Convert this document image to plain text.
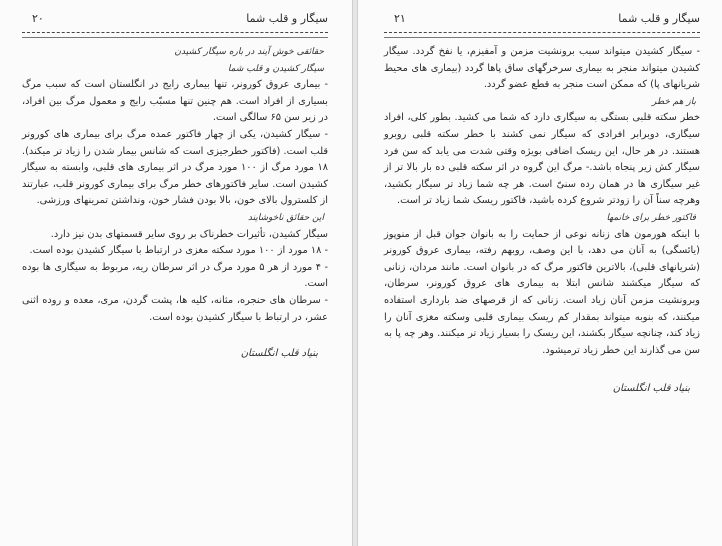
۲۰	سیگار و قلب شما

حقائقی خوش آیند در باره سیگار کشیدن

سیگار کشیدن و قلب شما

- بیماری عروق کورونر، تنها بیماری رایج در انگلستان است که سبب مرگ بسیاری از افراد است. هم چنین تنها مسبّب رایج و معمول مرگ بین افراد، در زیر سن ۶۵ سالگی است.

- سیگار کشیدن، یکی از چهار فاکتور عمده مرگ برای بیماری های کورونر قلب است. (فاکتور خطرجیزی است که شانس بیمار شدن را زیاد تر میکند). ۱۸ مورد مرگ از ۱۰۰ مورد مرگ در اثر بیماری های قلبی، وابسته به سیگار کشیدن است. سایر فاکتورهای خطر مرگ برای بیماری کورونر قلب، عبارتند از کلسترول بالای خون، بالا بودن فشار خون، ونداشتن تمرینهای ورزشی.

این حقائق ناخوشایند

سیگار کشیدن، تأثیرات خطرناک بر روی سایر قسمتهای بدن نیز دارد.

- ۱۸ مورد از ۱۰۰ مورد سکته مغزی در ارتباط با سیگار کشیدن بوده است.

- ۴ مورد از هر ۵ مورد مرگ در اثر سرطان ریه، مربوط به سیگاری ها بوده است.

- سرطان های حنجره، مثانه، کلیه ها، پشت گردن، مری، معده و روده اثنی عشر، در ارتباط با سیگار کشیدن بوده است.

بنیاد قلب انگلستان
۲۱	سیگار و قلب شما

- سیگار کشیدن میتواند سبب برونشیت مزمن و آمفیزم، یا نفخ گردد. سیگار کشیدن میتواند منجر به بیماری سرخرگهای ساق پاها گردد (بیماری های محیط شریانهای پا) که ممکن است منجر به قطع عضو گردد.

باز هم خطر

خطر سکته قلبی بستگی به سیگاری دارد که شما می کشید. بطور کلی، افراد سیگاری، دوبرابر افرادی که سیگار نمی کشند با خطر سکته قلبی روبرو هستند. در هر حال، این ریسک اضافی بویژه وقتی شدت می یابد که سن فرد سیگار کش زیر پنجاه باشد.- مرگ این گروه در اثر سکته قلبی ده بار بالا تر از غیر سیگاری ها در همان رده سنیّ است. هر چه شما زیاد تر سیگار بکشید، وهرچه سناً آن را زودتر شروع کرده باشید، فاکتور ریسک شما زیاد تر است.

فاکتور خطر برای خانمها

با اینکه هورمون های زنانه نوعی از حمایت را به بانوان جوان قبل از منوپوز (یائسگی) به آنان می دهد، با این وصف، روبهم رفته، بیماری عروق کورونر (شریانهای قلبی)، بالاترین فاکتور مرگ که در بانوان است. مانند مردان، زنانی که سیگار میکشند شانس ابتلا به بیماری های عروق کورونر، سرطان، وبرونشیت مزمن آنان زیاد است. زنانی که از قرصهای ضد بارداری استفاده میکنند، که بنوبه میتواند بمقدار کم ریسک بیماری قلبی وسکته مغزی آنان را زیاد کند، چنانچه سیگار بکشند، این ریسک را بسیار زیاد تر میکنند. وهر چه پا به سن می گذارند این خطر زیاد ترمیشود.

بنیاد قلب انگلستان
